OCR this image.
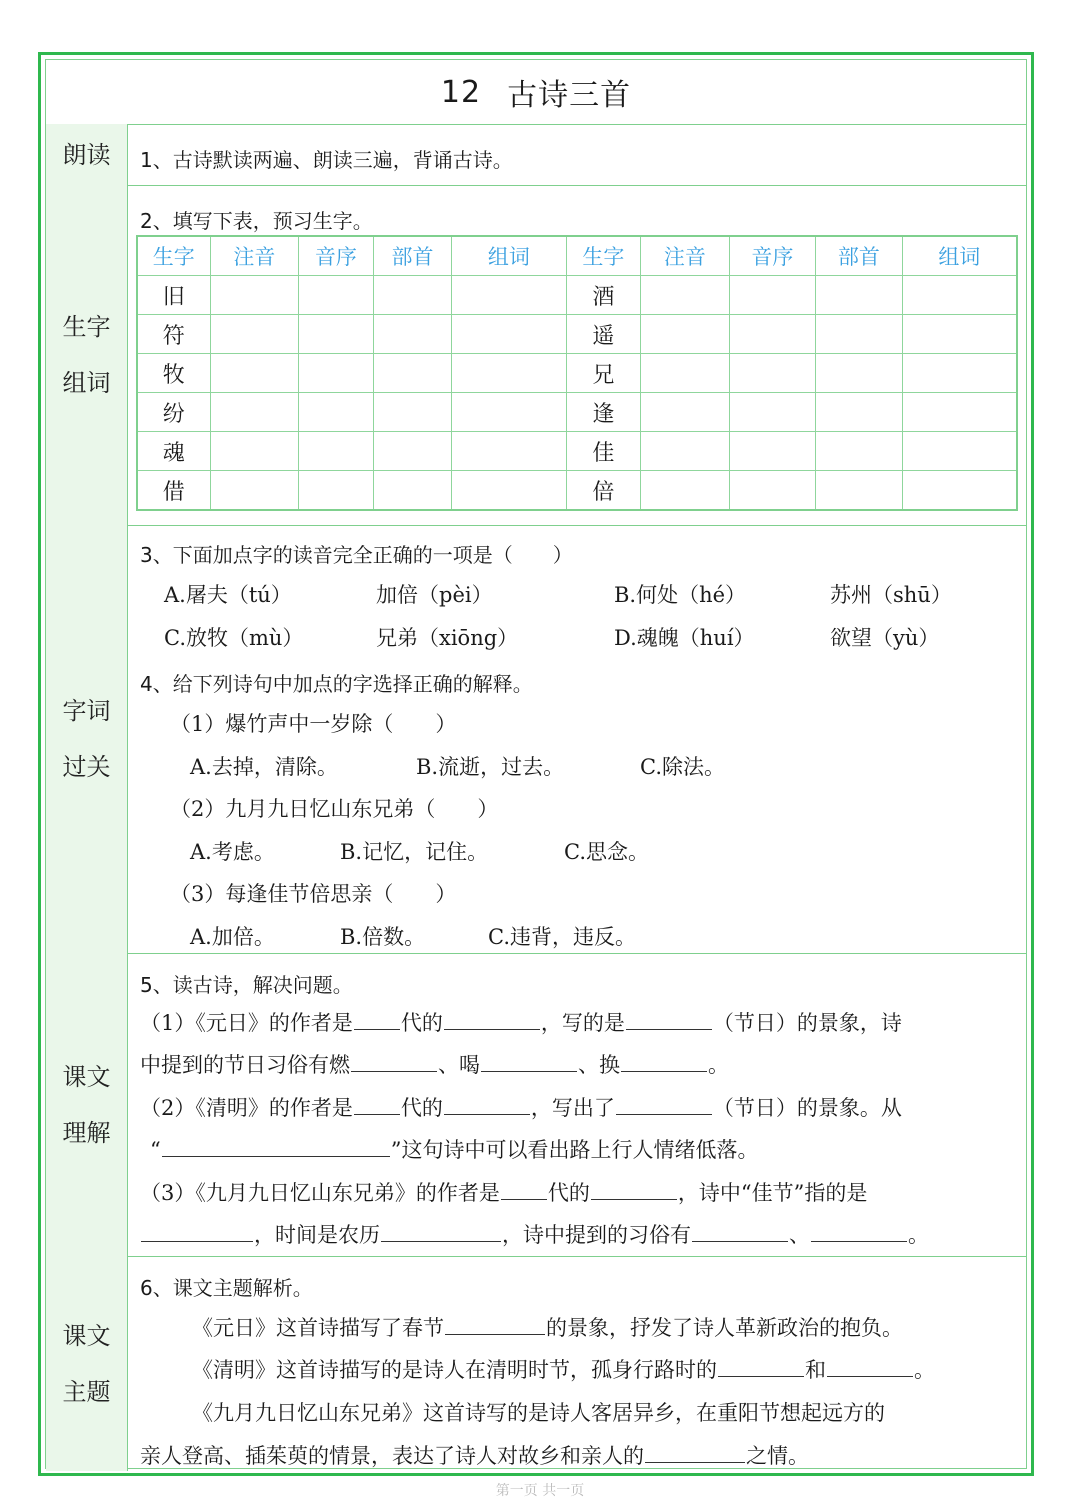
12 古诗三首
朗读 1、古诗默读两遍、朗读三遍，背诵古诗。
生字
组词
2、填写下表，预习生字。
生字	注音	音序	部首	组词	生字	注音	音序	部首	组词
旧					酒				
符					遥				
牧					兄				
纷					逢				
魂					佳				
借					倍				
字词
过关
3、下面加点字的读音完全正确的一项是（　　）
A.屠夫（tú）	加倍（pèi）	B.何处（hé）	苏州（shū）
C.放牧（mù）	兄弟（xiōng）	D.魂魄（huí）	欲望（yù）
4、给下列诗句中加点的字选择正确的解释。
（1）爆竹声中一岁除（　　）
A.去掉，清除。	B.流逝，过去。	C.除法。
（2）九月九日忆山东兄弟（　　）
A.考虑。	B.记忆，记住。	C.思念。
（3）每逢佳节倍思亲（　　）
A.加倍。	B.倍数。	C.违背，违反。
课文
理解
5、读古诗，解决问题。
（1）《元日》的作者是 代的	，写的是	（节日）的景象，诗
中提到的节日习俗有燃	、喝	、换	。
（2）《清明》的作者是 代的	，写出了	（节日）的景象。从
“	”这句诗中可以看出路上行人情绪低落。
（3）《九月九日忆山东兄弟》的作者是 代的	，诗中“佳节”指的是
，时间是农历	，诗中提到的习俗有	、	。
课文
主题
6、课文主题解析。
《元日》这首诗描写了春节	的景象，抒发了诗人革新政治的抱负。
《清明》这首诗描写的是诗人在清明时节，孤身行路时的	和	。
《九月九日忆山东兄弟》这首诗写的是诗人客居异乡，在重阳节想起远方的
亲人登高、插茱萸的情景，表达了诗人对故乡和亲人的	之情。
第一页 共一页
